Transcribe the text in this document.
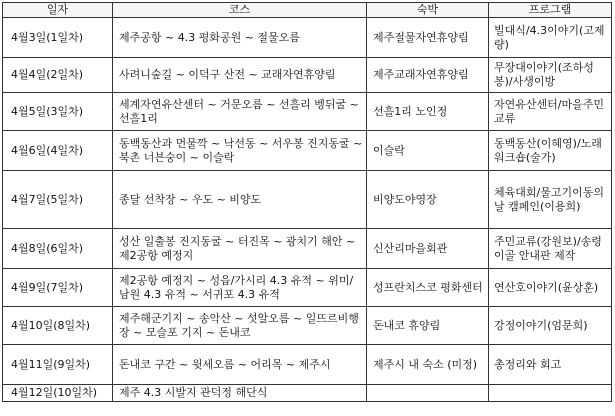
일자	코스	숙박	프로그램
4월3일(1일차)	제주공항 ~ 4.3 평화공원 ~ 절물오름	제주절물자연휴양림	빌대식/4.3이야기(고제량)
4월4일(2일차)	사려니숲길 ~ 이덕구 산전 ~ 교래자연휴양림	제주교래자연휴양림	무장대이야기(조하성봉)/사생이방
4월5일(3일차)	세계자연유산센터 ~ 거문오름 ~ 선흘리 벵뒤굴 ~ 선흘1리	선흘1리 노인정	자연유산센터/마을주민교류
4월6일(4일차)	동백동산과 먼물깍 ~ 낙선동 ~ 서우봉 진지동굴 ~ 북촌 너븐숭이 ~ 이슬락	이슬락	동백동산(이혜영)/노래워크숍(술가)
4월7일(5일차)	종달 선착장 ~ 우도 ~ 비양도	비양도야영장	체육대회/물고기이동의날 캠페인(이용희)
4월8일(6일차)	성산 일출봉 진지동굴 ~ 터진목 ~ 광치기 해안 ~ 제2공항 예정지	신산리마을회관	주민교류(강원보)/송령이골 안내판 제작
4월9일(7일차)	제2공항 예정지 ~ 성읍/가시리 4.3 유적 ~ 위미/남원 4.3 유적 ~ 서귀포 4.3 유적	성프란치스코 평화센터	연산호이야기(윤상훈)
4월10일(8일차)	제주해군기지 ~ 송악산 ~ 섯알오름 ~ 일뜨르비행장 ~ 모슬포 기지 ~ 돈내코	돈내코 휴양림	강정이야기(엄문희)
4월11일(9일차)	돈내코 구간 ~ 윗세오름 ~ 어리목 ~ 제주시	제주시 내 숙소 (미정)	총정리와 회고
4월12일(10일차)	제주 4.3 시발지 관덕정 해단식		
